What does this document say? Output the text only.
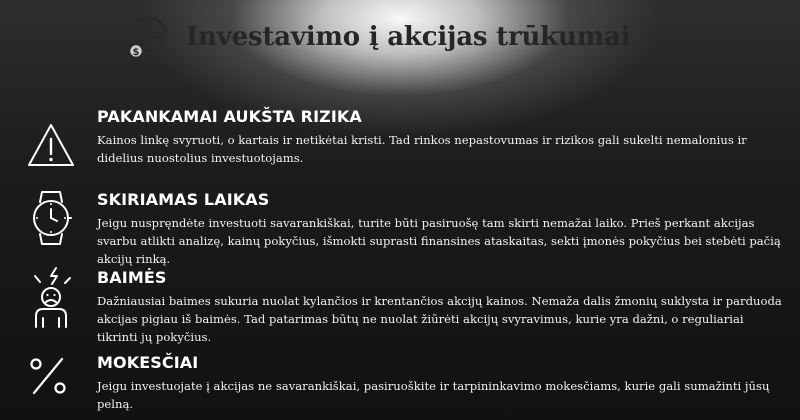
$
Investavimo į akcijas trūkumai
PAKANKAMAI AUKŠTA RIZIKA
Kainos linkę svyruoti, o kartais ir netikėtai kristi. Tad rinkos nepastovumas ir rizikos gali sukelti nemalonius ir didelius nuostolius investuotojams.
SKIRIAMAS LAIKAS
Jeigu nuspręndėte investuoti savarankiškai, turite būti pasiruošę tam skirti nemažai laiko. Prieš perkant akcijas svarbu atlikti analizę, kainų pokyčius, išmokti suprasti finansines ataskaitas, sekti įmonės pokyčius bei stebėti pačią akcijų rinką.
BAIMĖS
Dažniausiai baimes sukuria nuolat kylančios ir krentančios akcijų kainos. Nemaža dalis žmonių suklysta ir parduoda akcijas pigiau iš baimės. Tad patarimas būtų ne nuolat žiūrėti akcijų svyravimus, kurie yra dažni, o reguliariai tikrinti jų pokyčius.
MOKESČIAI
Jeigu investuojate į akcijas ne savarankiškai, pasiruoškite ir tarpininkavimo mokesčiams, kurie gali sumažinti jūsų pelną.
